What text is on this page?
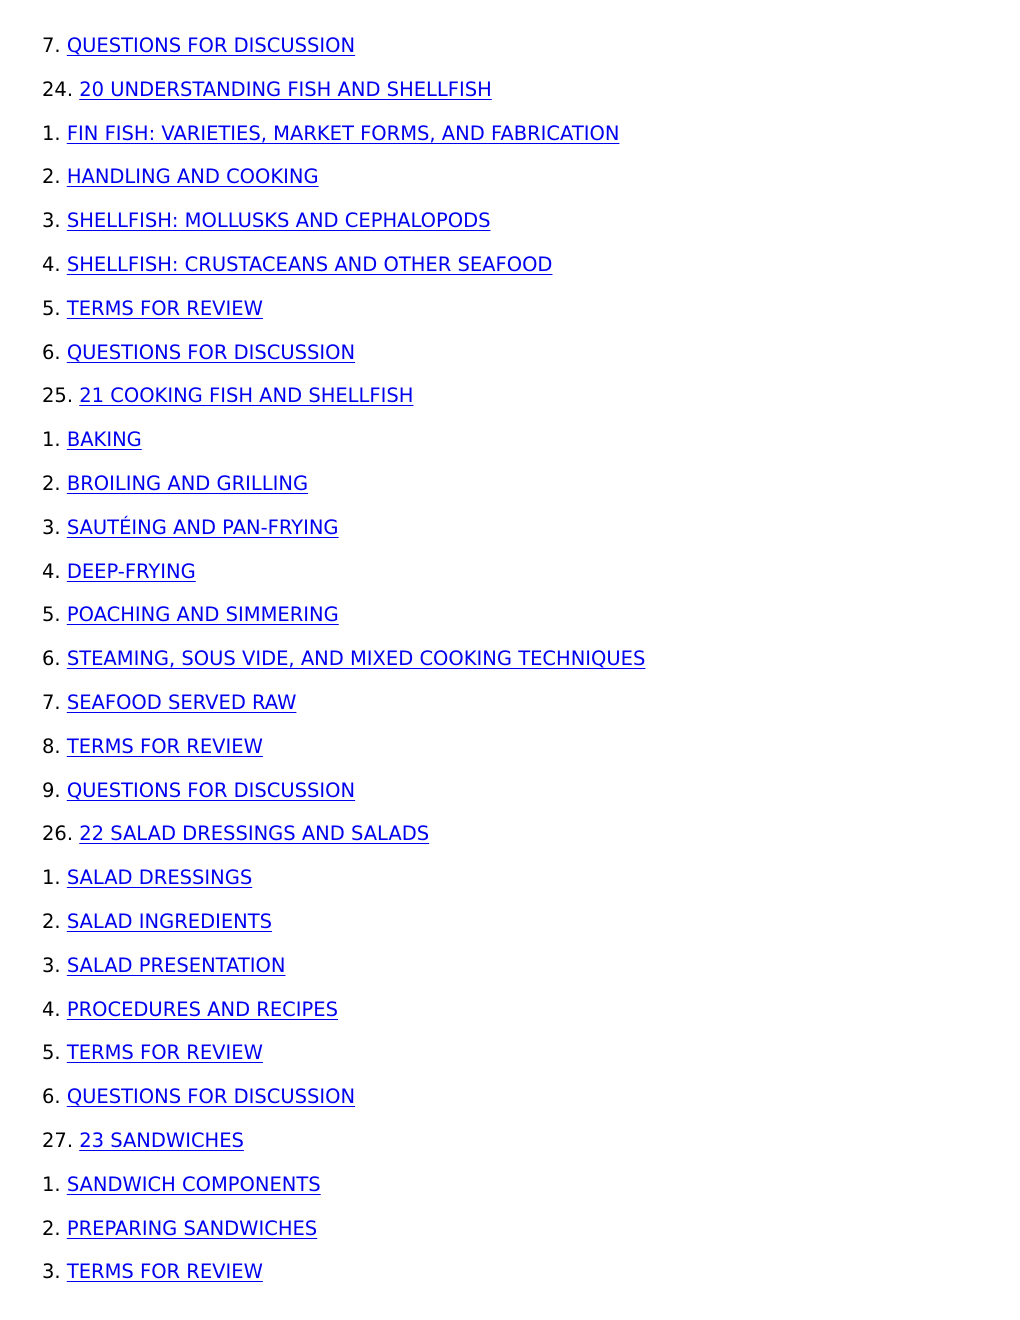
7. QUESTIONS FOR DISCUSSION
24. 20 UNDERSTANDING FISH AND SHELLFISH
1. FIN FISH: VARIETIES, MARKET FORMS, AND FABRICATION
2. HANDLING AND COOKING
3. SHELLFISH: MOLLUSKS AND CEPHALOPODS
4. SHELLFISH: CRUSTACEANS AND OTHER SEAFOOD
5. TERMS FOR REVIEW
6. QUESTIONS FOR DISCUSSION
25. 21 COOKING FISH AND SHELLFISH
1. BAKING
2. BROILING AND GRILLING
3. SAUTÉING AND PAN-FRYING
4. DEEP-FRYING
5. POACHING AND SIMMERING
6. STEAMING, SOUS VIDE, AND MIXED COOKING TECHNIQUES
7. SEAFOOD SERVED RAW
8. TERMS FOR REVIEW
9. QUESTIONS FOR DISCUSSION
26. 22 SALAD DRESSINGS AND SALADS
1. SALAD DRESSINGS
2. SALAD INGREDIENTS
3. SALAD PRESENTATION
4. PROCEDURES AND RECIPES
5. TERMS FOR REVIEW
6. QUESTIONS FOR DISCUSSION
27. 23 SANDWICHES
1. SANDWICH COMPONENTS
2. PREPARING SANDWICHES
3. TERMS FOR REVIEW
